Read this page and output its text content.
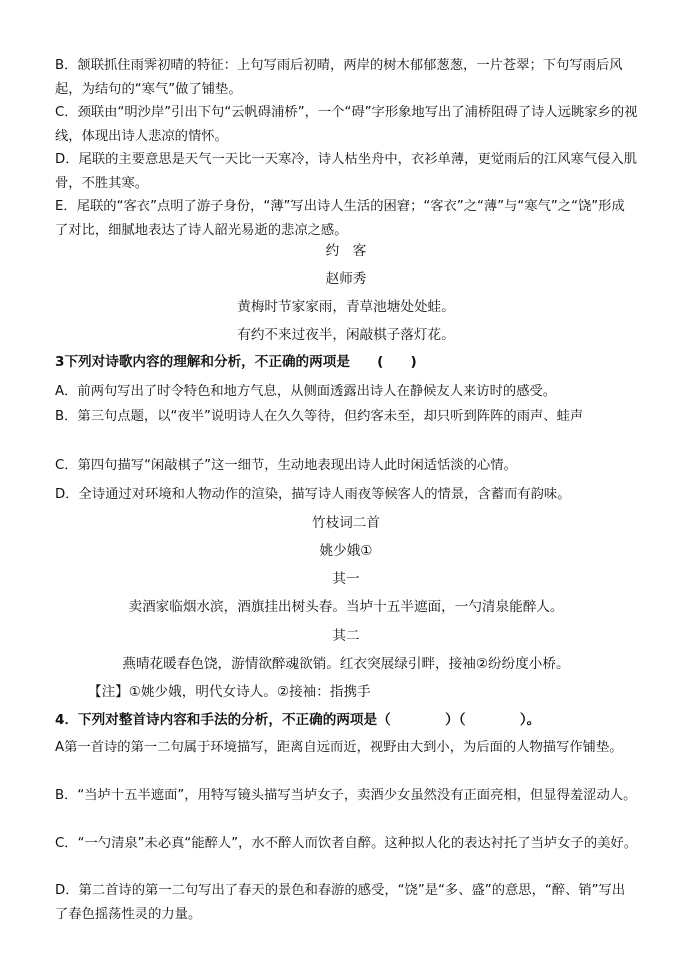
B．颔联抓住雨霁初晴的特征：上句写雨后初晴，两岸的树木郁郁葱葱，一片苍翠；下句写雨后风起，为结句的“寒气”做了铺垫。

C．颈联由“明沙岸”引出下句“云帆碍浦桥”，一个“碍”字形象地写出了浦桥阻碍了诗人远眺家乡的视线，体现出诗人悲凉的情怀。

D．尾联的主要意思是天气一天比一天寒冷，诗人枯坐舟中，衣衫单薄，更觉雨后的江风寒气侵入肌骨，不胜其寒。

E．尾联的“客衣”点明了游子身份，“薄”写出诗人生活的困窘；“客衣”之“薄”与“寒气”之“饶”形成了对比，细腻地表达了诗人韶光易逝的悲凉之感。

约　客

赵师秀

黄梅时节家家雨，青草池塘处处蛙。

有约不来过夜半，闲敲棋子落灯花。

3下列对诗歌内容的理解和分析，不正确的两项是　　(　　)

A．前两句写出了时令特色和地方气息，从侧面透露出诗人在静候友人来访时的感受。

B．第三句点题，以“夜半”说明诗人在久久等待，但约客未至，却只听到阵阵的雨声、蛙声

C．第四句描写“闲敲棋子”这一细节，生动地表现出诗人此时闲适恬淡的心情。

D．全诗通过对环境和人物动作的渲染，描写诗人雨夜等候客人的情景，含蓄而有韵味。

竹枝词二首

姚少娥①

其一

卖酒家临烟水滨，酒旗挂出树头春。当垆十五半遮面，一勺清泉能醉人。

其二

燕晴花暖春色饶，游情欲醉魂欲销。红衣突展绿引畔，接袖②纷纷度小桥。

【注】①姚少娥，明代女诗人。②接袖：指携手

4．下列对整首诗内容和手法的分析，不正确的两项是（　　　　）（　　　　）。

A第一首诗的第一二句属于环境描写，距离自远而近，视野由大到小，为后面的人物描写作铺垫。

B．“当垆十五半遮面”，用特写镜头描写当垆女子，卖酒少女虽然没有正面亮相，但显得羞涩动人。

C．“一勺清泉”未必真“能醉人”，水不醉人而饮者自醉。这种拟人化的表达衬托了当垆女子的美好。

D．第二首诗的第一二句写出了春天的景色和春游的感受，“饶”是“多、盛”的意思，“醉、销”写出了春色摇荡性灵的力量。
